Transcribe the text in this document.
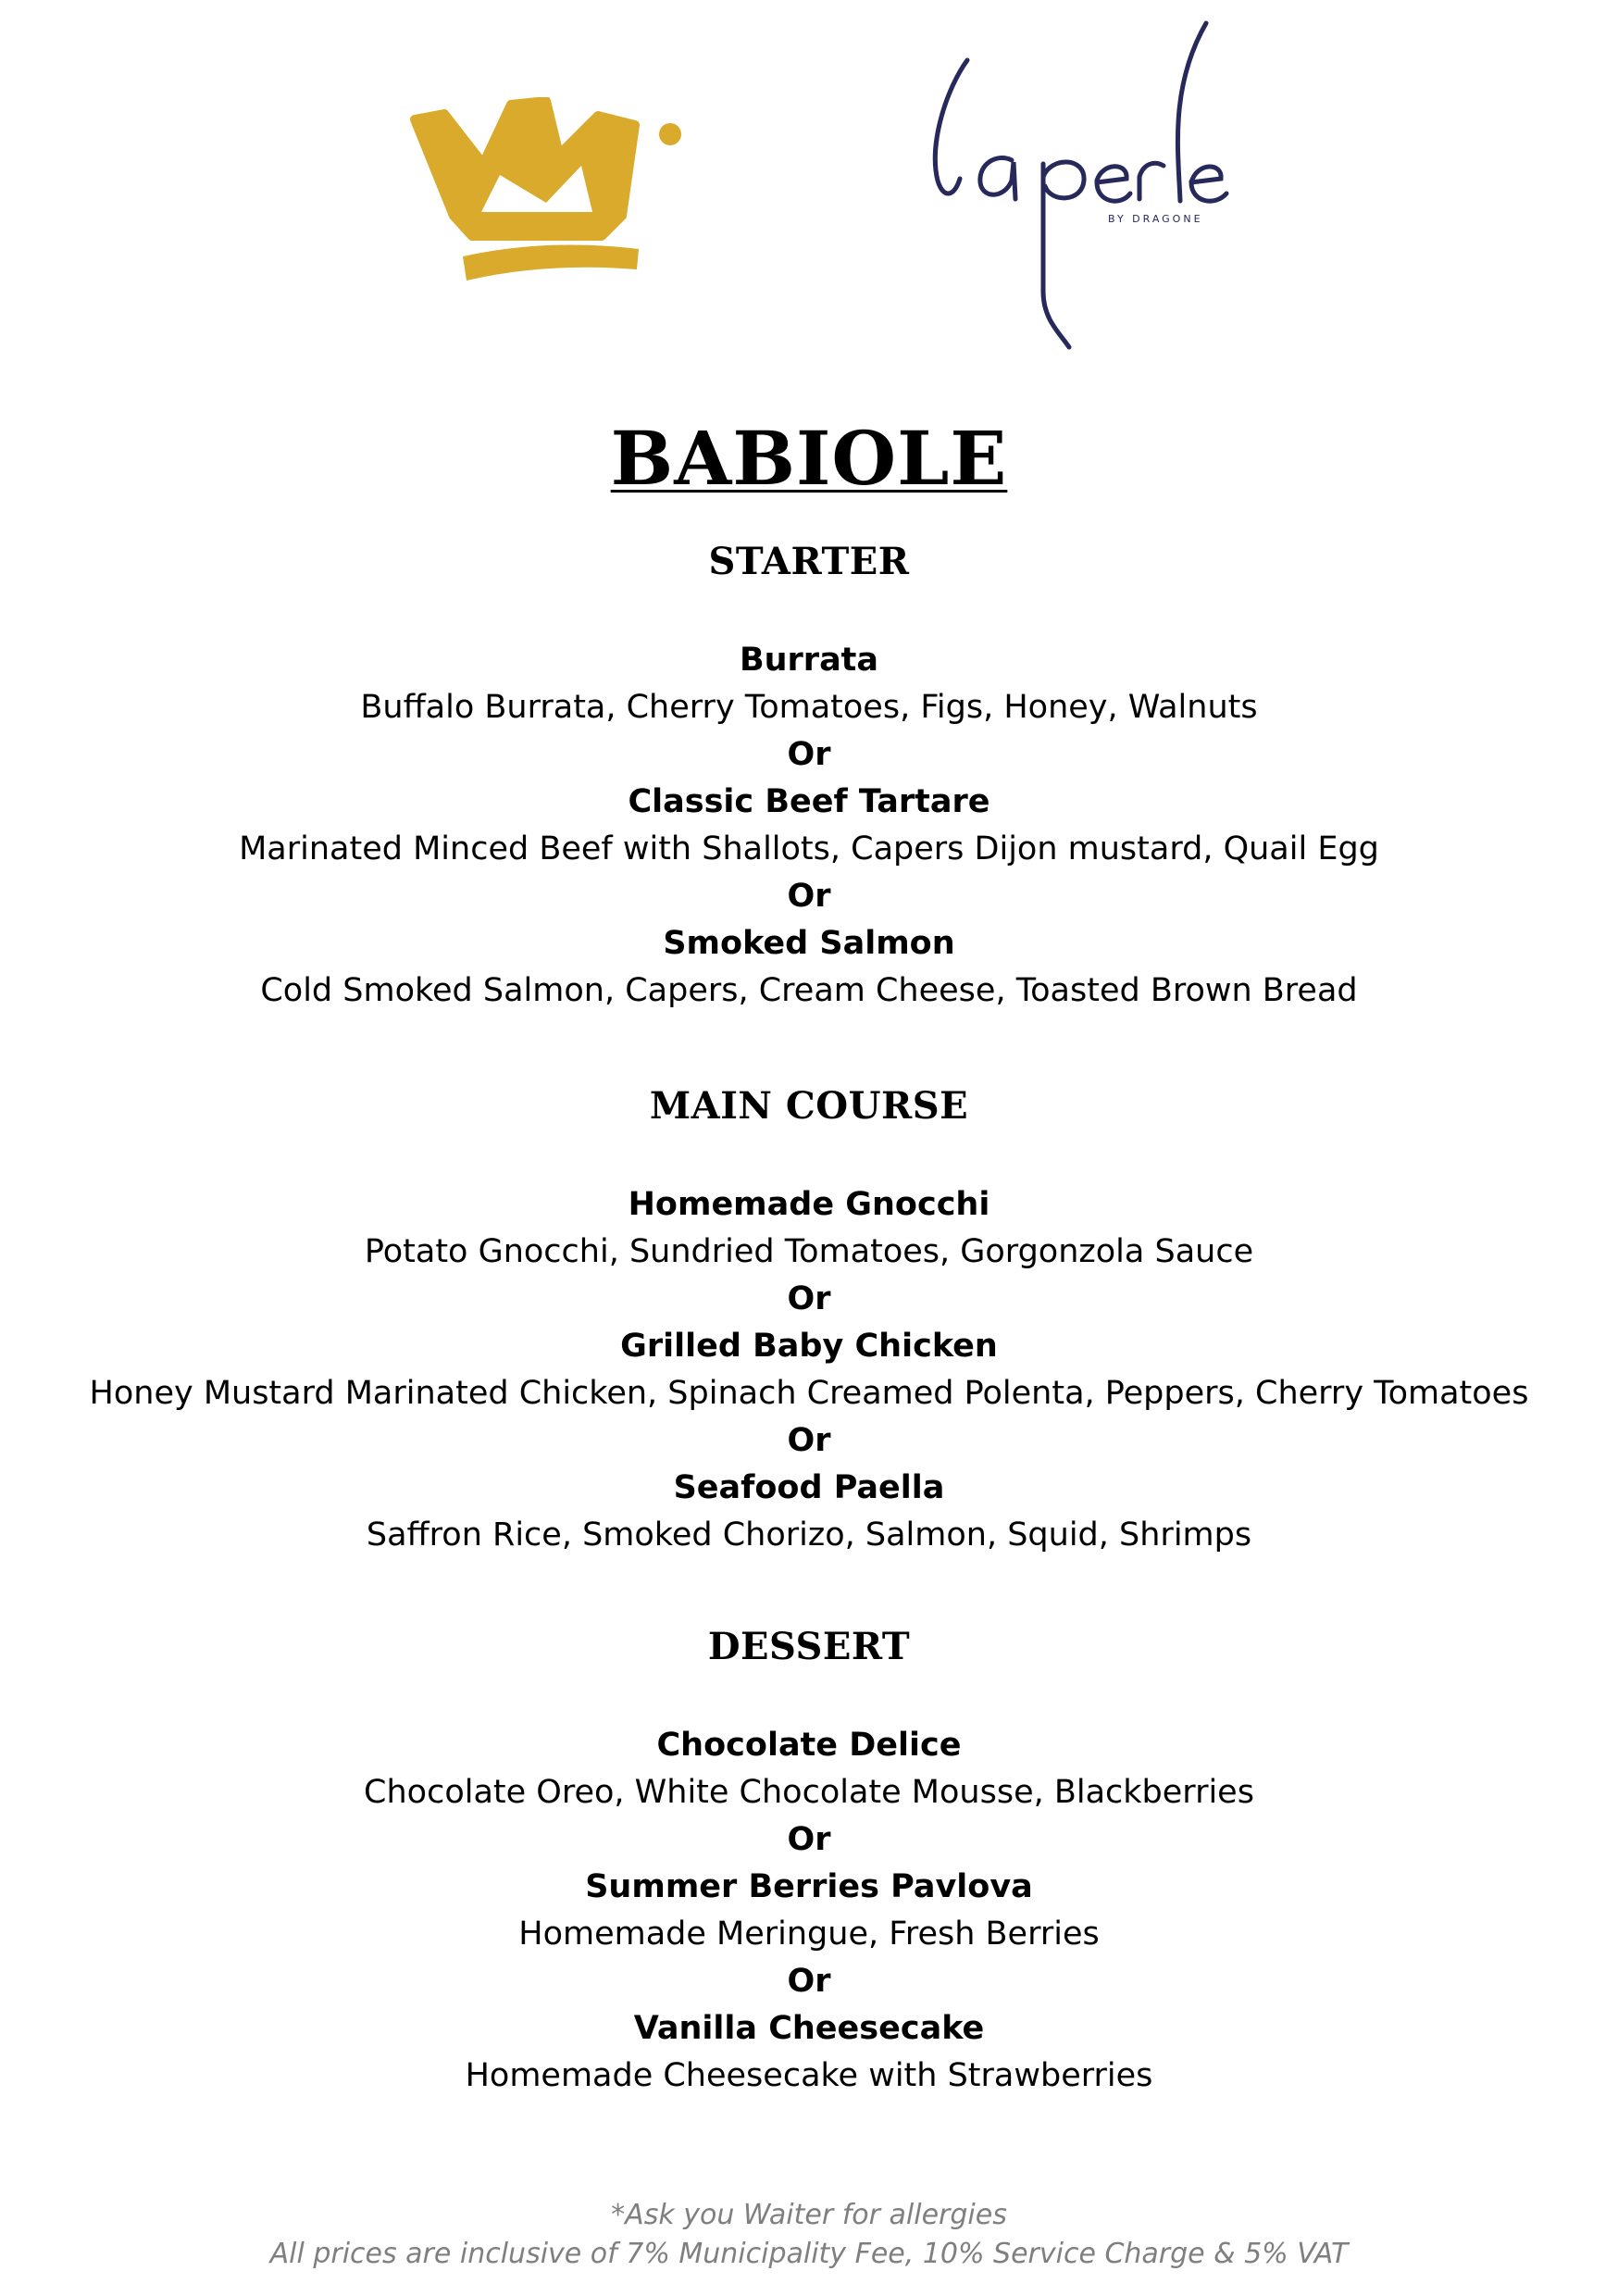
BY DRAGONE
BABIOLE
STARTER

Burrata

Buffalo Burrata, Cherry Tomatoes, Figs, Honey, Walnuts

Or

Classic Beef Tartare

Marinated Minced Beef with Shallots, Capers Dijon mustard, Quail Egg

Or

Smoked Salmon

Cold Smoked Salmon, Capers, Cream Cheese, Toasted Brown Bread

MAIN COURSE

Homemade Gnocchi

Potato Gnocchi, Sundried Tomatoes, Gorgonzola Sauce

Or

Grilled Baby Chicken

Honey Mustard Marinated Chicken, Spinach Creamed Polenta, Peppers, Cherry Tomatoes

Or

Seafood Paella

Saffron Rice, Smoked Chorizo, Salmon, Squid, Shrimps

DESSERT

Chocolate Delice

Chocolate Oreo, White Chocolate Mousse, Blackberries

Or

Summer Berries Pavlova

Homemade Meringue, Fresh Berries

Or

Vanilla Cheesecake

Homemade Cheesecake with Strawberries

*Ask you Waiter for allergies

All prices are inclusive of 7% Municipality Fee, 10% Service Charge & 5% VAT
